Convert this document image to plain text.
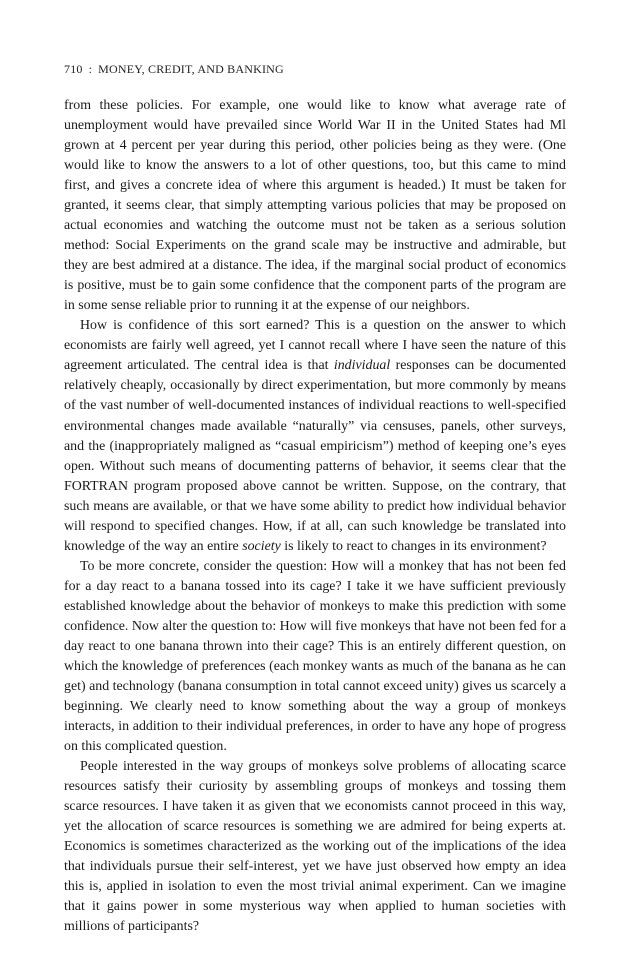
710 : MONEY, CREDIT, AND BANKING

from these policies. For example, one would like to know what average rate of unemployment would have prevailed since World War II in the United States had Ml grown at 4 percent per year during this period, other policies being as they were. (One would like to know the answers to a lot of other questions, too, but this came to mind first, and gives a concrete idea of where this argument is headed.) It must be taken for granted, it seems clear, that simply attempting various policies that may be proposed on actual economies and watching the outcome must not be taken as a serious solution method: Social Experiments on the grand scale may be instructive and admirable, but they are best admired at a distance. The idea, if the marginal social product of economics is positive, must be to gain some confidence that the component parts of the program are in some sense reliable prior to running it at the expense of our neighbors.

How is confidence of this sort earned? This is a question on the answer to which economists are fairly well agreed, yet I cannot recall where I have seen the nature of this agreement articulated. The central idea is that individual responses can be documented relatively cheaply, occasionally by direct experimentation, but more commonly by means of the vast number of well-documented instances of individual reactions to well-specified environmental changes made available “naturally” via censuses, panels, other surveys, and the (inappropriately maligned as “casual empiricism”) method of keeping one’s eyes open. Without such means of documenting patterns of behavior, it seems clear that the FORTRAN program proposed above cannot be written. Suppose, on the contrary, that such means are available, or that we have some ability to predict how individual behavior will respond to specified changes. How, if at all, can such knowledge be translated into knowledge of the way an entire society is likely to react to changes in its environment?

To be more concrete, consider the question: How will a monkey that has not been fed for a day react to a banana tossed into its cage? I take it we have sufficient previously established knowledge about the behavior of monkeys to make this prediction with some confidence. Now alter the question to: How will five monkeys that have not been fed for a day react to one banana thrown into their cage? This is an entirely different question, on which the knowledge of preferences (each monkey wants as much of the banana as he can get) and technology (banana consumption in total cannot exceed unity) gives us scarcely a beginning. We clearly need to know something about the way a group of monkeys interacts, in addition to their individual preferences, in order to have any hope of progress on this complicated question.

People interested in the way groups of monkeys solve problems of allocating scarce resources satisfy their curiosity by assembling groups of monkeys and tossing them scarce resources. I have taken it as given that we economists cannot proceed in this way, yet the allocation of scarce resources is something we are admired for being experts at. Economics is sometimes characterized as the working out of the implications of the idea that individuals pursue their self-interest, yet we have just observed how empty an idea this is, applied in isolation to even the most trivial animal experiment. Can we imagine that it gains power in some mysterious way when applied to human societies with millions of participants?
